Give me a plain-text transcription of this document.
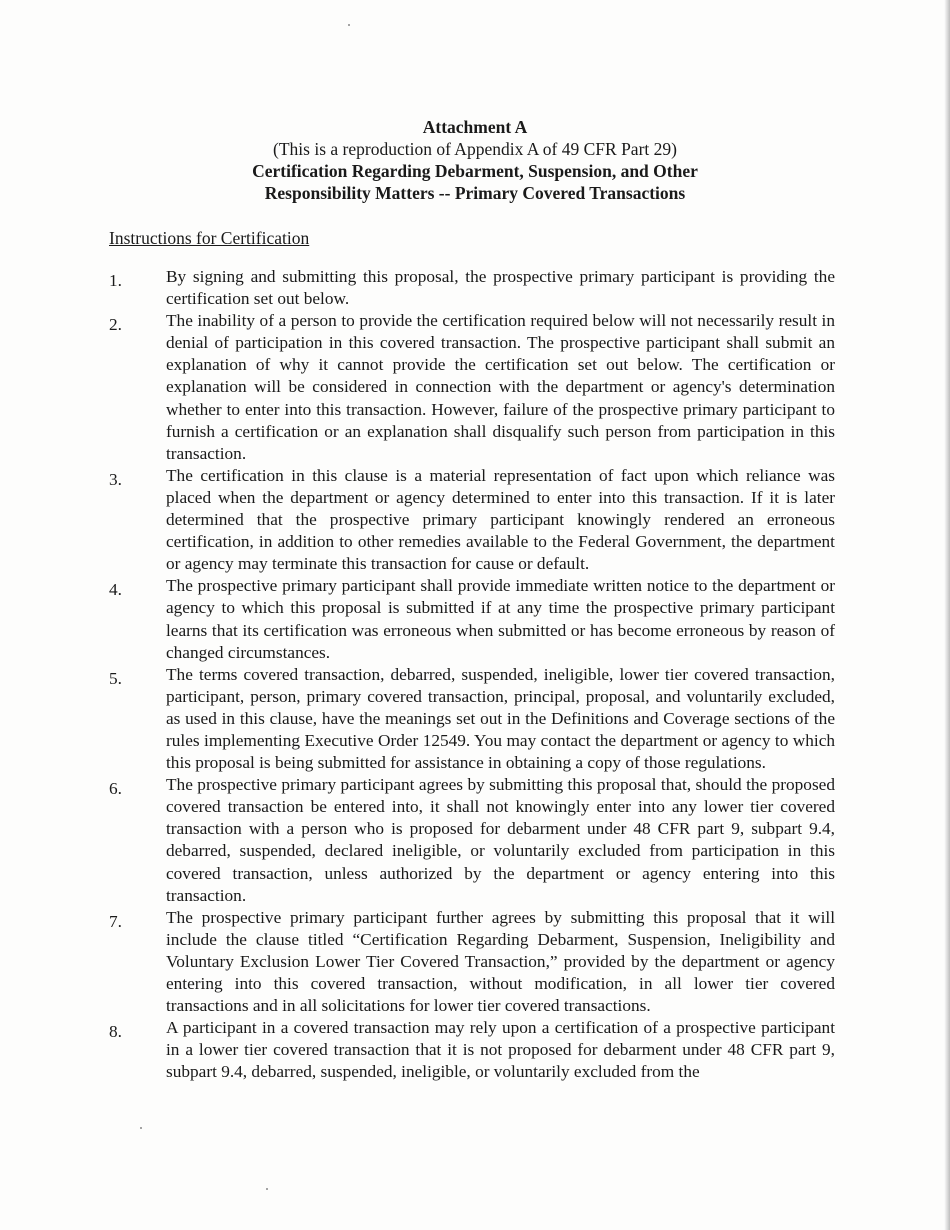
Attachment A
(This is a reproduction of Appendix A of 49 CFR Part 29)
Certification Regarding Debarment, Suspension, and Other
Responsibility Matters -- Primary Covered Transactions
Instructions for Certification
1.	By signing and submitting this proposal, the prospective primary participant is providing the certification set out below.
2.	The inability of a person to provide the certification required below will not necessarily result in denial of participation in this covered transaction. The prospective participant shall submit an explanation of why it cannot provide the certification set out below. The certification or explanation will be considered in connection with the department or agency's determination whether to enter into this transaction. However, failure of the prospective primary participant to furnish a certification or an explanation shall disqualify such person from participation in this transaction.
3.	The certification in this clause is a material representation of fact upon which reliance was placed when the department or agency determined to enter into this transaction. If it is later determined that the prospective primary participant knowingly rendered an erroneous certification, in addition to other remedies available to the Federal Government, the department or agency may terminate this transaction for cause or default.
4.	The prospective primary participant shall provide immediate written notice to the department or agency to which this proposal is submitted if at any time the prospective primary participant learns that its certification was erroneous when submitted or has become erroneous by reason of changed circumstances.
5.	The terms covered transaction, debarred, suspended, ineligible, lower tier covered transaction, participant, person, primary covered transaction, principal, proposal, and voluntarily excluded, as used in this clause, have the meanings set out in the Definitions and Coverage sections of the rules implementing Executive Order 12549. You may contact the department or agency to which this proposal is being submitted for assistance in obtaining a copy of those regulations.
6.	The prospective primary participant agrees by submitting this proposal that, should the proposed covered transaction be entered into, it shall not knowingly enter into any lower tier covered transaction with a person who is proposed for debarment under 48 CFR part 9, subpart 9.4, debarred, suspended, declared ineligible, or voluntarily excluded from participation in this covered transaction, unless authorized by the department or agency entering into this transaction.
7.	The prospective primary participant further agrees by submitting this proposal that it will include the clause titled “Certification Regarding Debarment, Suspension, Ineligibility and Voluntary Exclusion Lower Tier Covered Transaction,” provided by the department or agency entering into this covered transaction, without modification, in all lower tier covered transactions and in all solicitations for lower tier covered transactions.
8.	A participant in a covered transaction may rely upon a certification of a prospective participant in a lower tier covered transaction that it is not proposed for debarment under 48 CFR part 9, subpart 9.4, debarred, suspended, ineligible, or voluntarily excluded from the
